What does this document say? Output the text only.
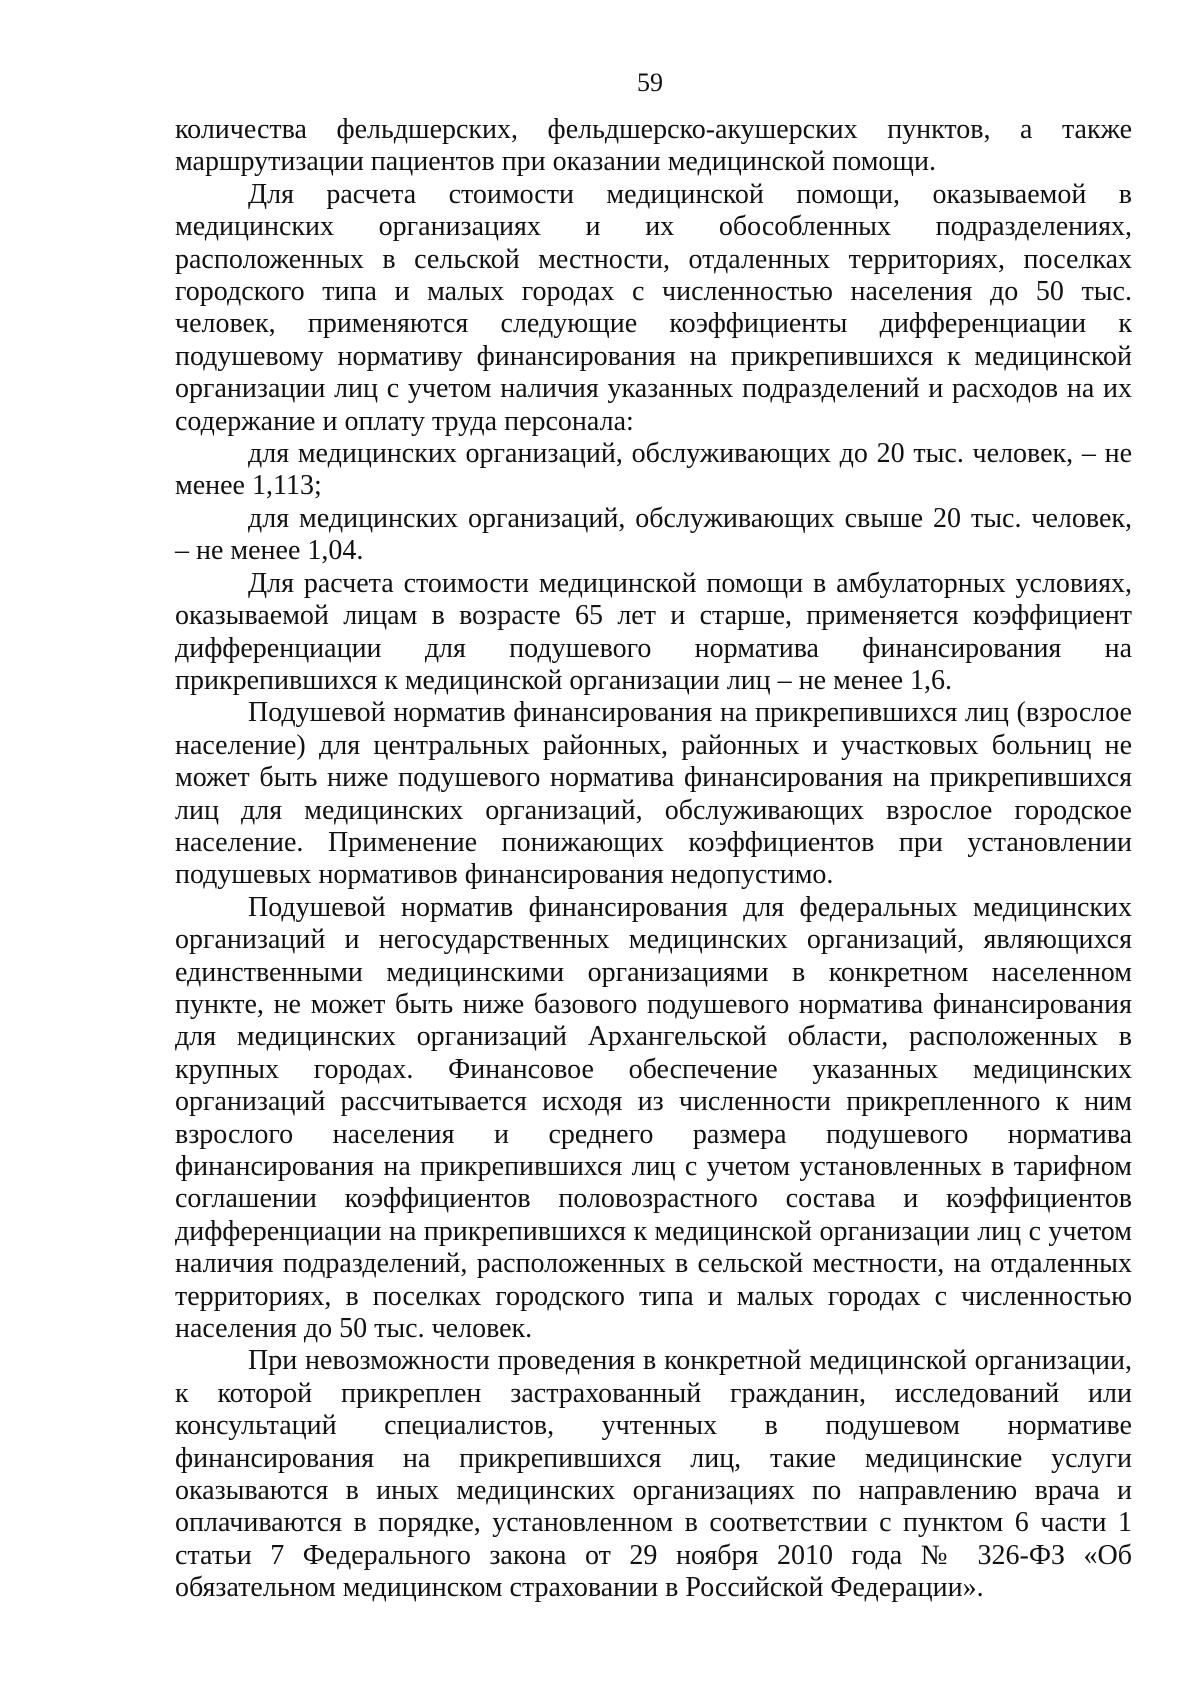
59

количества фельдшерских, фельдшерско-акушерских пунктов, а также маршрутизации пациентов при оказании медицинской помощи.

Для расчета стоимости медицинской помощи, оказываемой в медицинских организациях и их обособленных подразделениях, расположенных в сельской местности, отдаленных территориях, поселках городского типа и малых городах с численностью населения до 50 тыс. человек, применяются следующие коэффициенты дифференциации к подушевому нормативу финансирования на прикрепившихся к медицинской организации лиц с учетом наличия указанных подразделений и расходов на их содержание и оплату труда персонала:

для медицинских организаций, обслуживающих до 20 тыс. человек, – не менее 1,113;

для медицинских организаций, обслуживающих свыше 20 тыс. человек, – не менее 1,04.

Для расчета стоимости медицинской помощи в амбулаторных условиях, оказываемой лицам в возрасте 65 лет и старше, применяется коэффициент дифференциации для подушевого норматива финансирования на прикрепившихся к медицинской организации лиц – не менее 1,6.

Подушевой норматив финансирования на прикрепившихся лиц (взрослое население) для центральных районных, районных и участковых больниц не может быть ниже подушевого норматива финансирования на прикрепившихся лиц для медицинских организаций, обслуживающих взрослое городское население. Применение понижающих коэффициентов при установлении подушевых нормативов финансирования недопустимо.

Подушевой норматив финансирования для федеральных медицинских организаций и негосударственных медицинских организаций, являющихся единственными медицинскими организациями в конкретном населенном пункте, не может быть ниже базового подушевого норматива финансирования для медицинских организаций Архангельской области, расположенных в крупных городах. Финансовое обеспечение указанных медицинских организаций рассчитывается исходя из численности прикрепленного к ним взрослого населения и среднего размера подушевого норматива финансирования на прикрепившихся лиц с учетом установленных в тарифном соглашении коэффициентов половозрастного состава и коэффициентов дифференциации на прикрепившихся к медицинской организации лиц с учетом наличия подразделений, расположенных в сельской местности, на отдаленных территориях, в поселках городского типа и малых городах с численностью населения до 50 тыс. человек.

При невозможности проведения в конкретной медицинской организации, к которой прикреплен застрахованный гражданин, исследований или консультаций специалистов, учтенных в подушевом нормативе финансирования на прикрепившихся лиц, такие медицинские услуги оказываются в иных медицинских организациях по направлению врача и оплачиваются в порядке, установленном в соответствии с пунктом 6 части 1 статьи 7 Федерального закона от 29 ноября 2010 года № 326-ФЗ «Об обязательном медицинском страховании в Российской Федерации».
